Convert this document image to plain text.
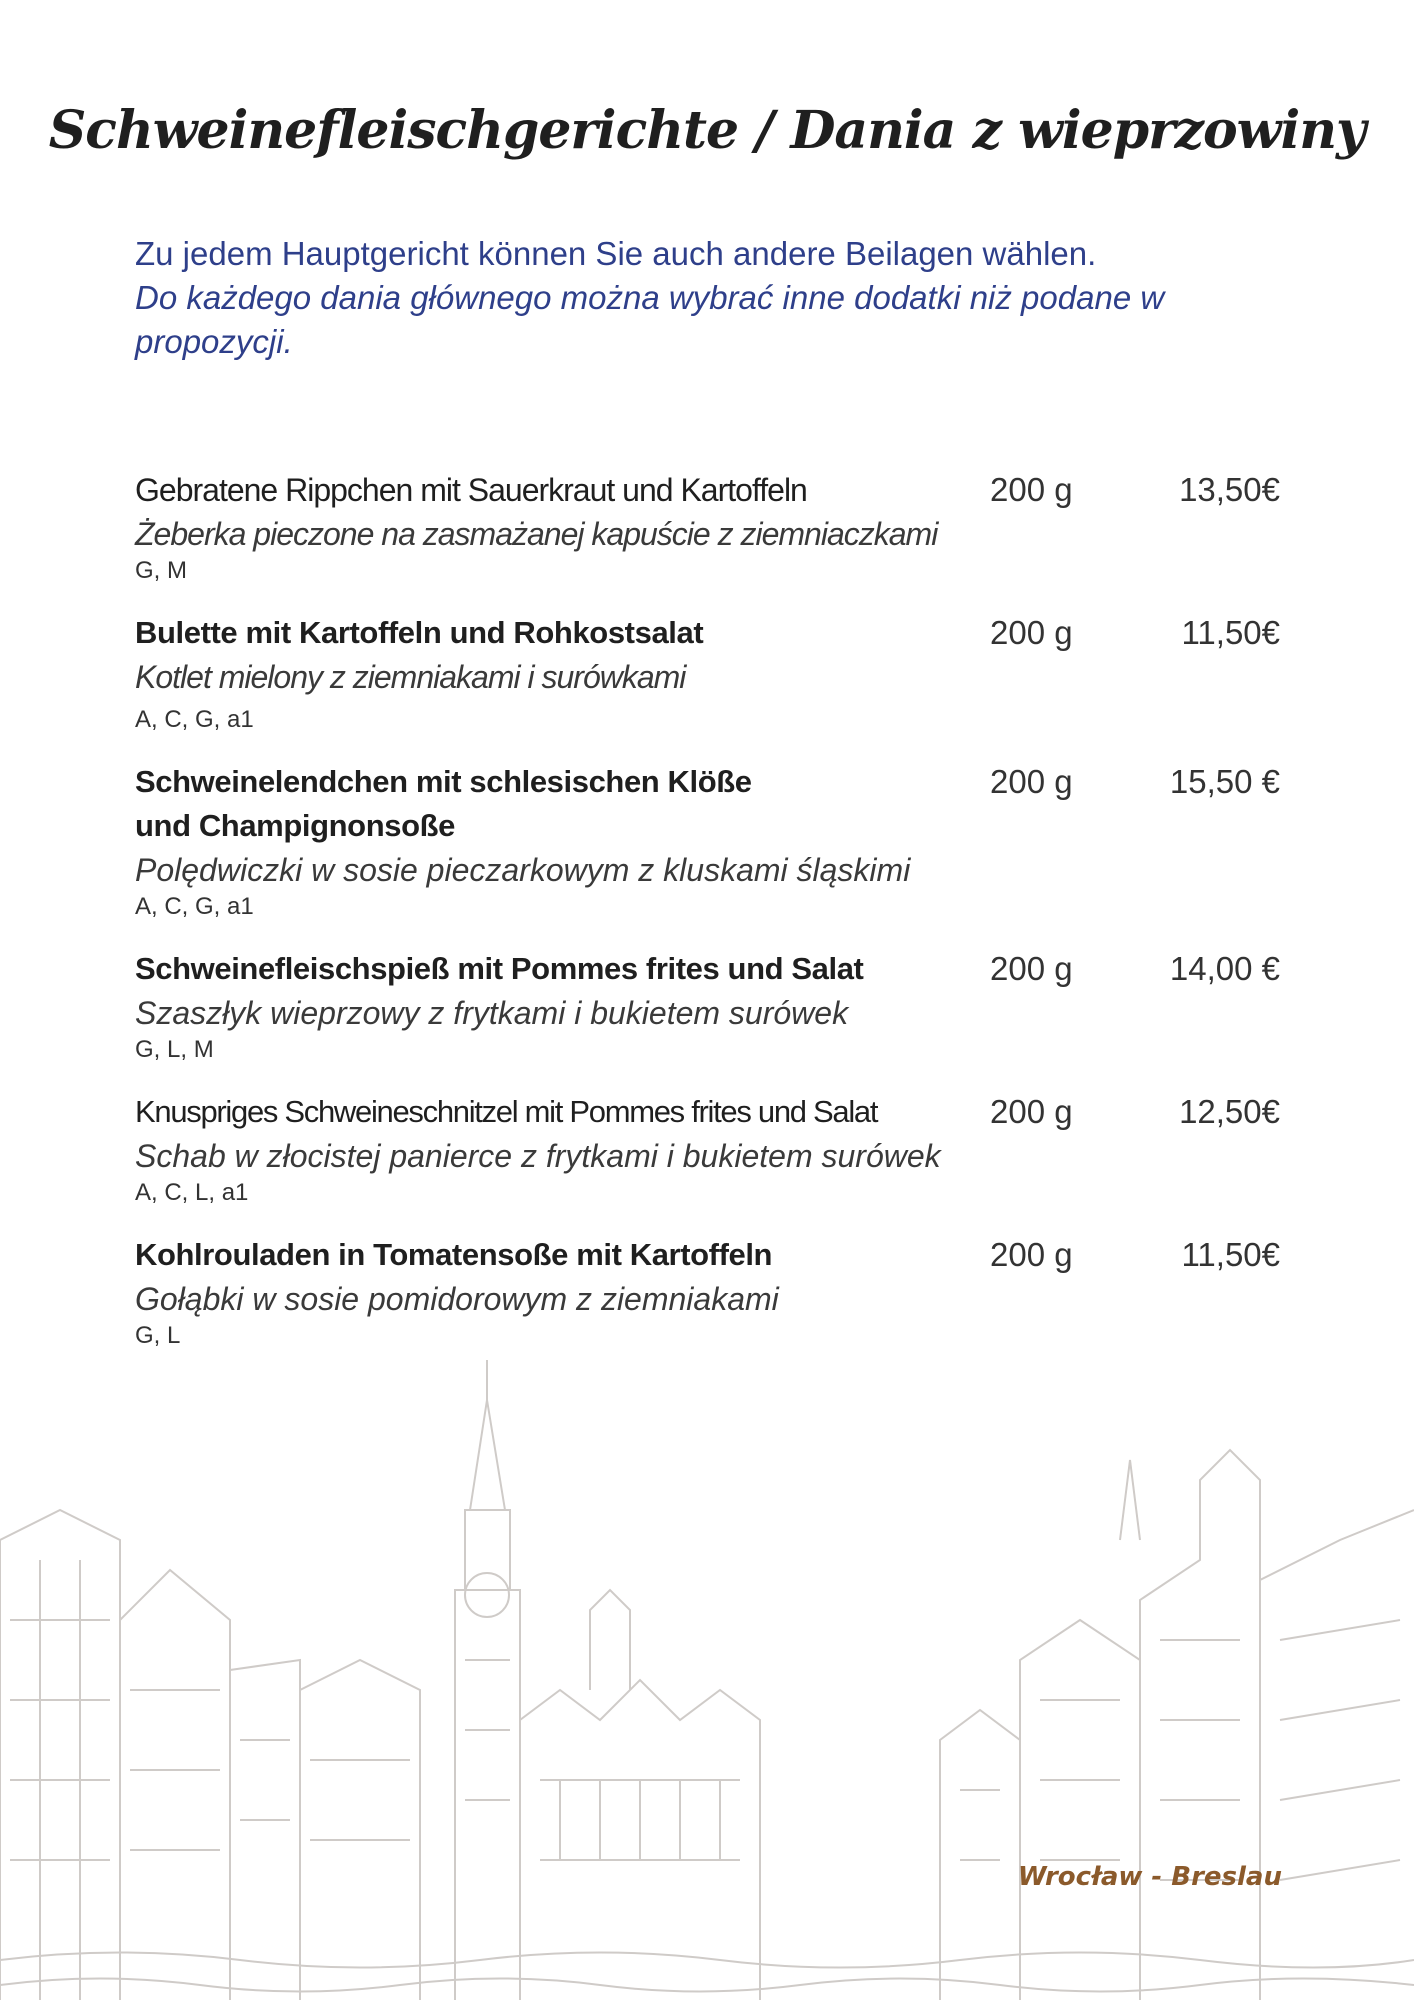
Schweinefleischgerichte / Dania z wieprzowiny
Zu jedem Hauptgericht können Sie auch andere Beilagen wählen.
Do każdego dania głównego można wybrać inne dodatki niż podane w propozycji.
Gebratene Rippchen mit Sauerkraut und Kartoffeln
Żeberka pieczone na zasmażanej kapuście z ziemniaczkami
G, M
200 g	13,50€
Bulette mit Kartoffeln und Rohkostsalat
Kotlet mielony z ziemniakami i surówkami
A, C, G, a1
200 g	11,50€
Schweinelendchen mit schlesischen Klöße
und Champignonsoße
Polędwiczki w sosie pieczarkowym z kluskami śląskimi
A, C, G, a1
200 g	15,50 €
Schweinefleischspieß mit Pommes frites und Salat
Szaszłyk wieprzowy z frytkami i bukietem surówek
G, L, M
200 g	14,00 €
Knuspriges Schweineschnitzel mit Pommes frites und Salat
Schab w złocistej panierce z frytkami i bukietem surówek
A, C, L, a1
200 g	12,50€
Kohlrouladen in Tomatensoße mit Kartoffeln
Gołąbki w sosie pomidorowym z ziemniakami
G, L
200 g	11,50€
Wrocław - Breslau
